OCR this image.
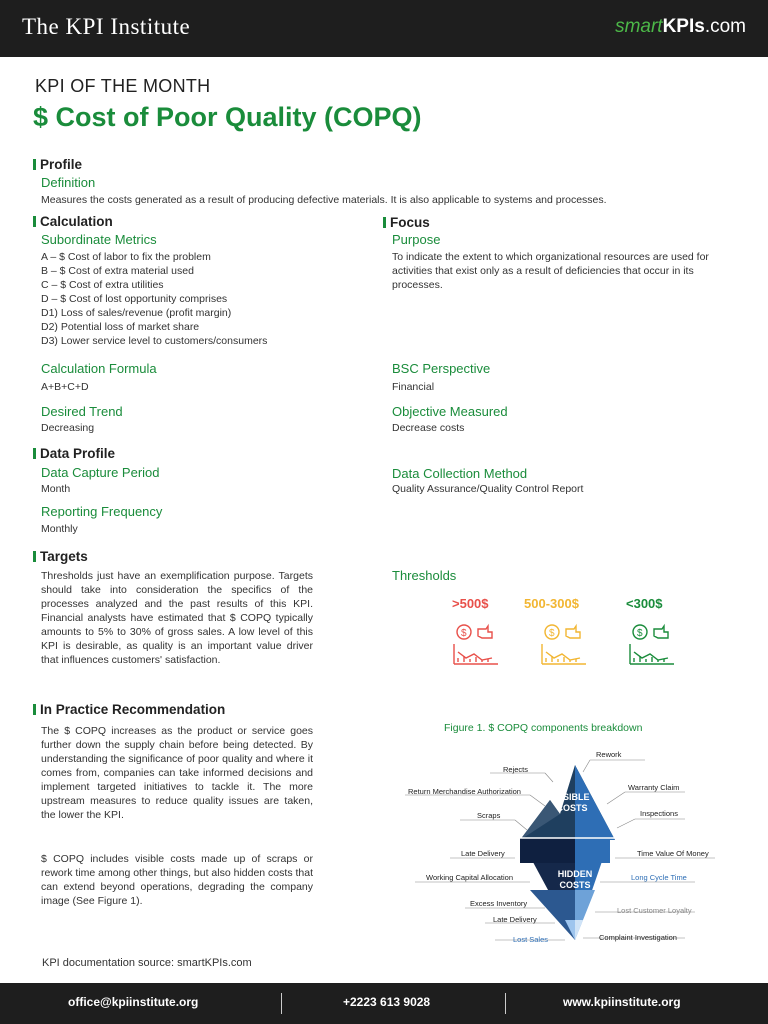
The KPI Institute	smartKPIs.com
KPI OF THE MONTH
$ Cost of Poor Quality (COPQ)
Profile
Definition
Measures the costs generated as a result of producing defective materials. It is also applicable to systems and processes.
Calculation
Subordinate Metrics
A – $ Cost of labor to fix the problem
B – $ Cost of extra material used
C – $ Cost of extra utilities
D – $ Cost of lost opportunity comprises
D1) Loss of sales/revenue (profit margin)
D2) Potential loss of market share
D3) Lower service level to customers/consumers
Calculation Formula
A+B+C+D
Desired Trend
Decreasing
Focus
Purpose
To indicate the extent to which organizational resources are used for activities that exist only as a result of deficiencies that occur in its processes.
BSC Perspective
Financial
Objective Measured
Decrease costs
Data Profile
Data Capture Period
Month
Data Collection Method
Quality Assurance/Quality Control Report
Reporting Frequency
Monthly
Targets
Thresholds just have an exemplification purpose. Targets should take into consideration the specifics of the processes analyzed and the past results of this KPI. Financial analysts have estimated that $ COPQ typically amounts to 5% to 30% of gross sales. A low level of this KPI is desirable, as quality is an important value driver that influences customers' satisfaction.
Thresholds
>500$	500-300$	<300$
$	$	$
In Practice Recommendation
The $ COPQ increases as the product or service goes further down the supply chain before being detected. By understanding the significance of poor quality and where it comes from, companies can take informed decisions and implement targeted initiatives to tackle it. The more upstream measures to reduce quality issues are taken, the lower the KPI.
$ COPQ includes visible costs made up of scraps or rework time among other things, but also hidden costs that can extend beyond operations, degrading the company image (See Figure 1).
Figure 1. $ COPQ components breakdown
VISIBLE
COSTS
HIDDEN
COSTS
Rejects
Return Merchandise Authorization
Scraps
Rework
Warranty Claim
Inspections
Late Delivery
Working Capital Allocation
Excess Inventory
Late Delivery
Lost Sales
Time Value Of Money
Long Cycle Time
Lost Customer Loyalty
Complaint Investigation
KPI documentation source: smartKPIs.com
office@kpiinstitute.org	+2223 613 9028	www.kpiinstitute.org
